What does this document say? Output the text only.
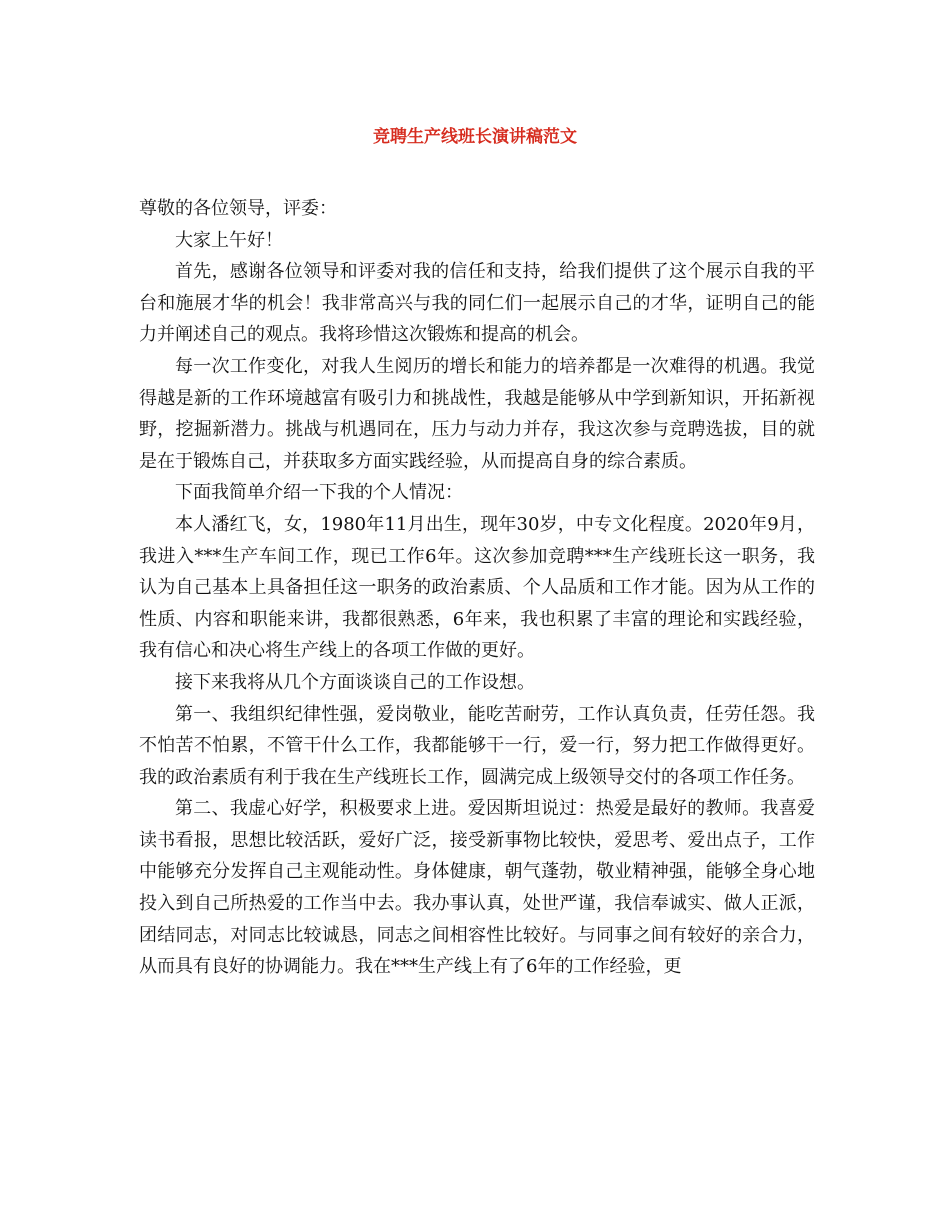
竞聘生产线班长演讲稿范文

尊敬的各位领导，评委：

大家上午好！

首先，感谢各位领导和评委对我的信任和支持，给我们提供了这个展示自我的平台和施展才华的机会！我非常高兴与我的同仁们一起展示自己的才华，证明自己的能力并阐述自己的观点。我将珍惜这次锻炼和提高的机会。

每一次工作变化，对我人生阅历的增长和能力的培养都是一次难得的机遇。我觉得越是新的工作环境越富有吸引力和挑战性，我越是能够从中学到新知识，开拓新视野，挖掘新潜力。挑战与机遇同在，压力与动力并存，我这次参与竞聘选拔，目的就是在于锻炼自己，并获取多方面实践经验，从而提高自身的综合素质。

下面我简单介绍一下我的个人情况：

本人潘红飞，女，1980年11月出生，现年30岁，中专文化程度。2020年9月，我进入***生产车间工作，现已工作6年。这次参加竞聘***生产线班长这一职务，我认为自己基本上具备担任这一职务的政治素质、个人品质和工作才能。因为从工作的性质、内容和职能来讲，我都很熟悉，6年来，我也积累了丰富的理论和实践经验，我有信心和决心将生产线上的各项工作做的更好。

接下来我将从几个方面谈谈自己的工作设想。

第一、我组织纪律性强，爱岗敬业，能吃苦耐劳，工作认真负责，任劳任怨。我不怕苦不怕累，不管干什么工作，我都能够干一行，爱一行，努力把工作做得更好。我的政治素质有利于我在生产线班长工作，圆满完成上级领导交付的各项工作任务。

第二、我虚心好学，积极要求上进。爱因斯坦说过：热爱是最好的教师。我喜爱读书看报，思想比较活跃，爱好广泛，接受新事物比较快，爱思考、爱出点子，工作中能够充分发挥自己主观能动性。身体健康，朝气蓬勃，敬业精神强，能够全身心地投入到自己所热爱的工作当中去。我办事认真，处世严谨，我信奉诚实、做人正派，团结同志，对同志比较诚恳，同志之间相容性比较好。与同事之间有较好的亲合力，从而具有良好的协调能力。我在***生产线上有了6年的工作经验，更
